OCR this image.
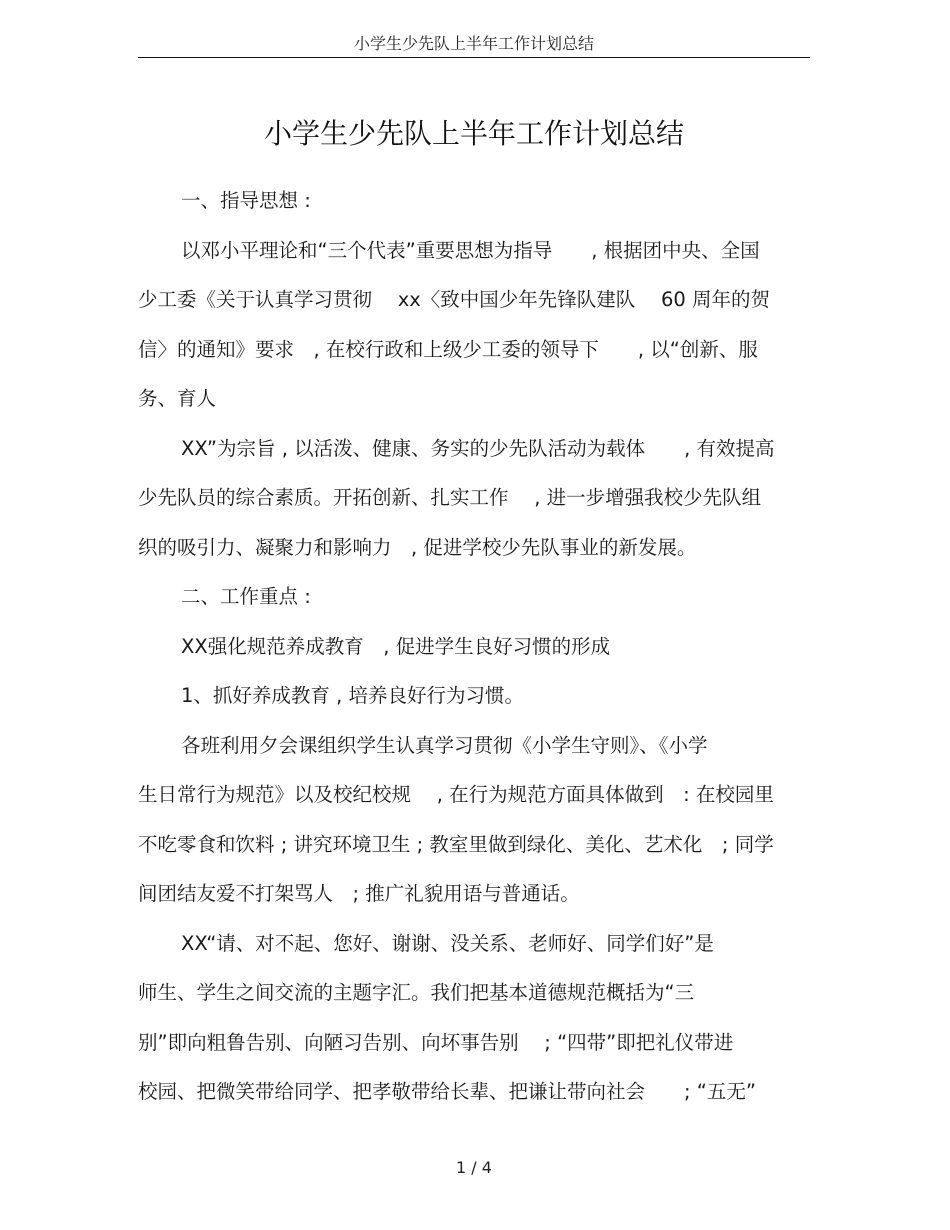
小学生少先队上半年工作计划总结
小学生少先队上半年工作计划总结
一、指导思想 :
以邓小平理论和“三个代表”重要思想为指导　　, 根据团中央、全国
少工委《关于认真学习贯彻　 xx〈致中国少年先锋队建队　 60 周年的贺
信〉的通知》要求　, 在校行政和上级少工委的领导下　　, 以“创新、服
务、育人
XX”为宗旨 , 以活泼、健康、务实的少先队活动为载体　　, 有效提高
少先队员的综合素质。开拓创新、扎实工作　 , 进一步增强我校少先队组
织的吸引力、凝聚力和影响力　, 促进学校少先队事业的新发展。
二、工作重点 :
XX强化规范养成教育　, 促进学生良好习惯的形成
1、抓好养成教育 , 培养良好行为习惯。
各班利用夕会课组织学生认真学习贯彻《小学生守则》、《小学
生日常行为规范》以及校纪校规　 , 在行为规范方面具体做到　: 在校园里
不吃零食和饮料 ; 讲究环境卫生 ; 教室里做到绿化、美化、艺术化　; 同学
间团结友爱不打架骂人　; 推广礼貌用语与普通话。
XX“请、对不起、您好、谢谢、没关系、老师好、同学们好”是
师生、学生之间交流的主题字汇。我们把基本道德规范概括为“三
别”即向粗鲁告别、向陋习告别、向坏事告别　 ; “四带”即把礼仪带进
校园、把微笑带给同学、把孝敬带给长辈、把谦让带向社会　　; “五无”
1 / 4
